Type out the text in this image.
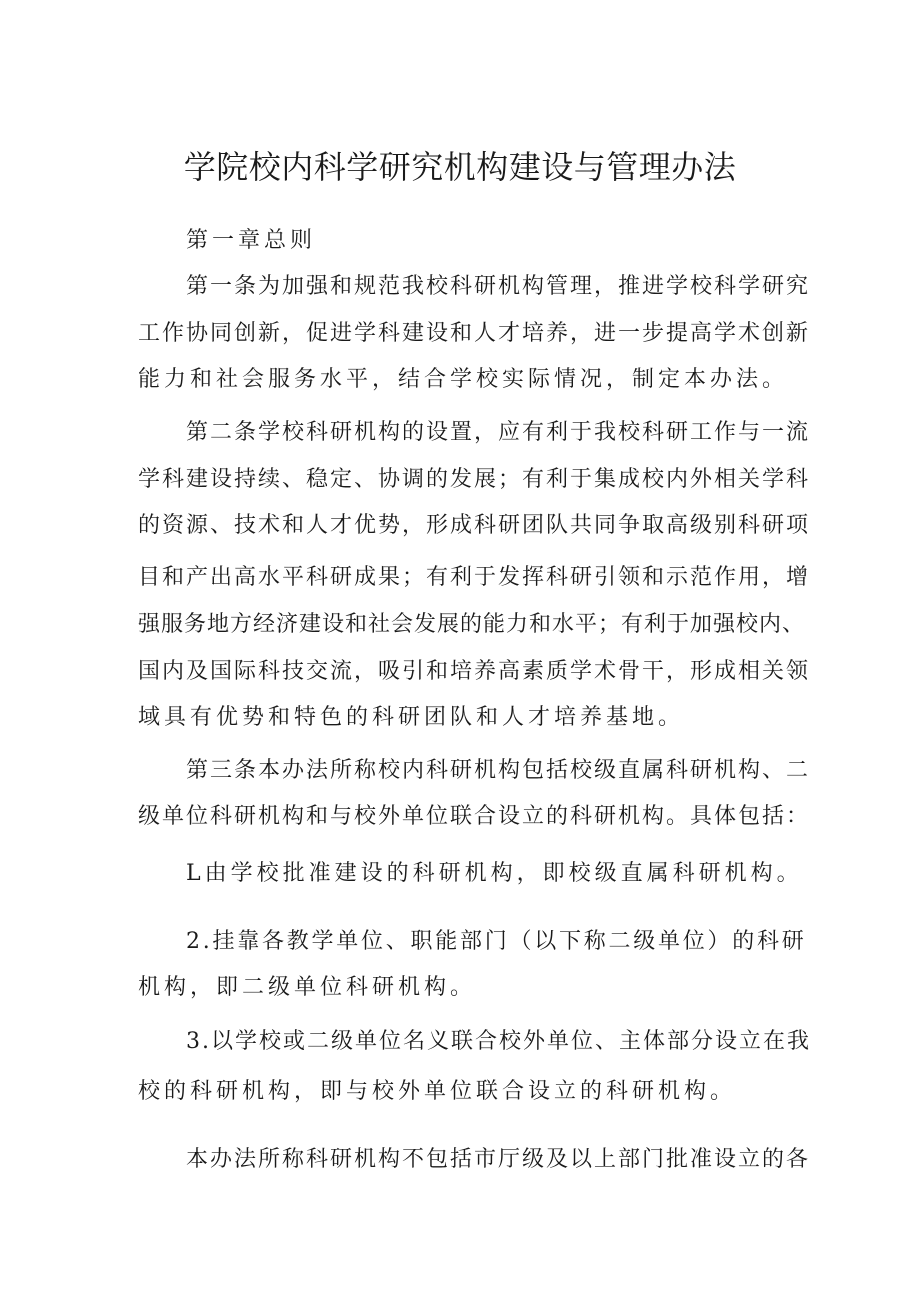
学院校内科学研究机构建设与管理办法
第一章总则
第一条为加强和规范我校科研机构管理，推进学校科学研究
工作协同创新，促进学科建设和人才培养，进一步提高学术创新
能力和社会服务水平，结合学校实际情况，制定本办法。
第二条学校科研机构的设置，应有利于我校科研工作与一流
学科建设持续、稳定、协调的发展；有利于集成校内外相关学科
的资源、技术和人才优势，形成科研团队共同争取高级别科研项
目和产出高水平科研成果；有利于发挥科研引领和示范作用，增
强服务地方经济建设和社会发展的能力和水平；有利于加强校内、
国内及国际科技交流，吸引和培养高素质学术骨干，形成相关领
域具有优势和特色的科研团队和人才培养基地。
第三条本办法所称校内科研机构包括校级直属科研机构、二
级单位科研机构和与校外单位联合设立的科研机构。具体包括：
L由学校批准建设的科研机构，即校级直属科研机构。
2.挂靠各教学单位、职能部门（以下称二级单位）的科研
机构，即二级单位科研机构。
3.以学校或二级单位名义联合校外单位、主体部分设立在我
校的科研机构，即与校外单位联合设立的科研机构。
本办法所称科研机构不包括市厅级及以上部门批准设立的各
